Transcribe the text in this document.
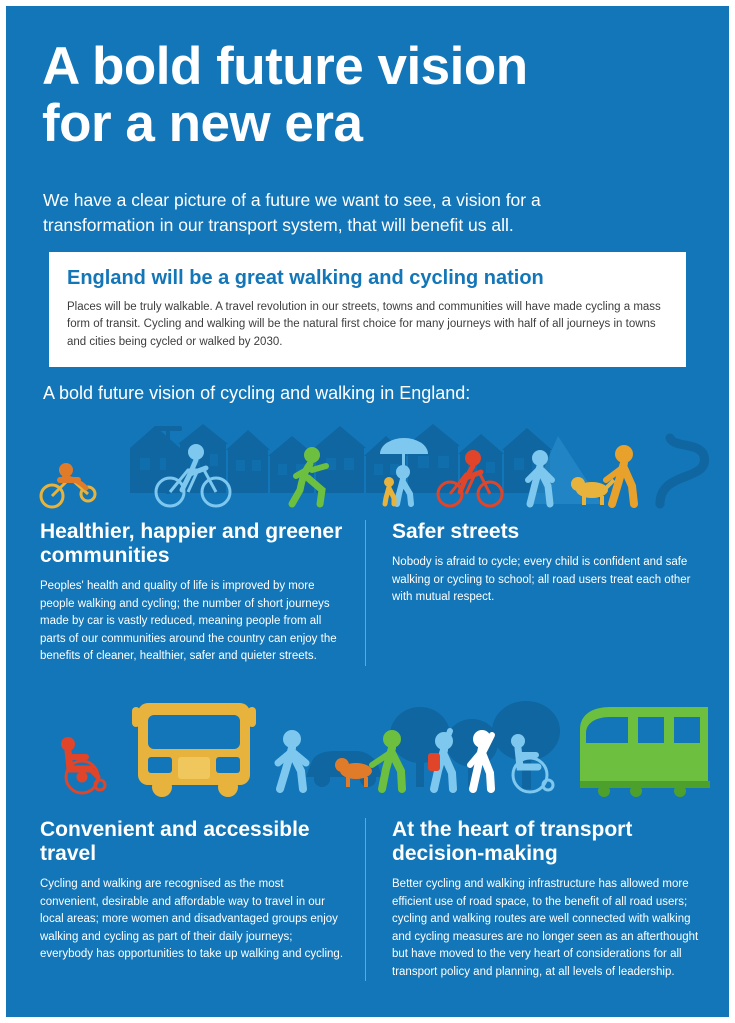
A bold future vision
for a new era
We have a clear picture of a future we want to see, a vision for a transformation in our transport system, that will benefit us all.

England will be a great walking and cycling nation

Places will be truly walkable. A travel revolution in our streets, towns and communities will have made cycling a mass form of transit. Cycling and walking will be the natural first choice for many journeys with half of all journeys in towns and cities being cycled or walked by 2030.

A bold future vision of cycling and walking in England:
Healthier, happier and greener communities

Peoples' health and quality of life is improved by more people walking and cycling; the number of short journeys made by car is vastly reduced, meaning people from all parts of our communities around the country can enjoy the benefits of cleaner, healthier, safer and quieter streets.

Safer streets

Nobody is afraid to cycle; every child is confident and safe walking or cycling to school; all road users treat each other with mutual respect.

Convenient and accessible travel

Cycling and walking are recognised as the most convenient, desirable and affordable way to travel in our local areas; more women and disadvantaged groups enjoy walking and cycling as part of their daily journeys; everybody has opportunities to take up walking and cycling.

At the heart of transport decision-making

Better cycling and walking infrastructure has allowed more efficient use of road space, to the benefit of all road users; cycling and walking routes are well connected with walking and cycling measures are no longer seen as an afterthought but have moved to the very heart of considerations for all transport policy and planning, at all levels of leadership.
